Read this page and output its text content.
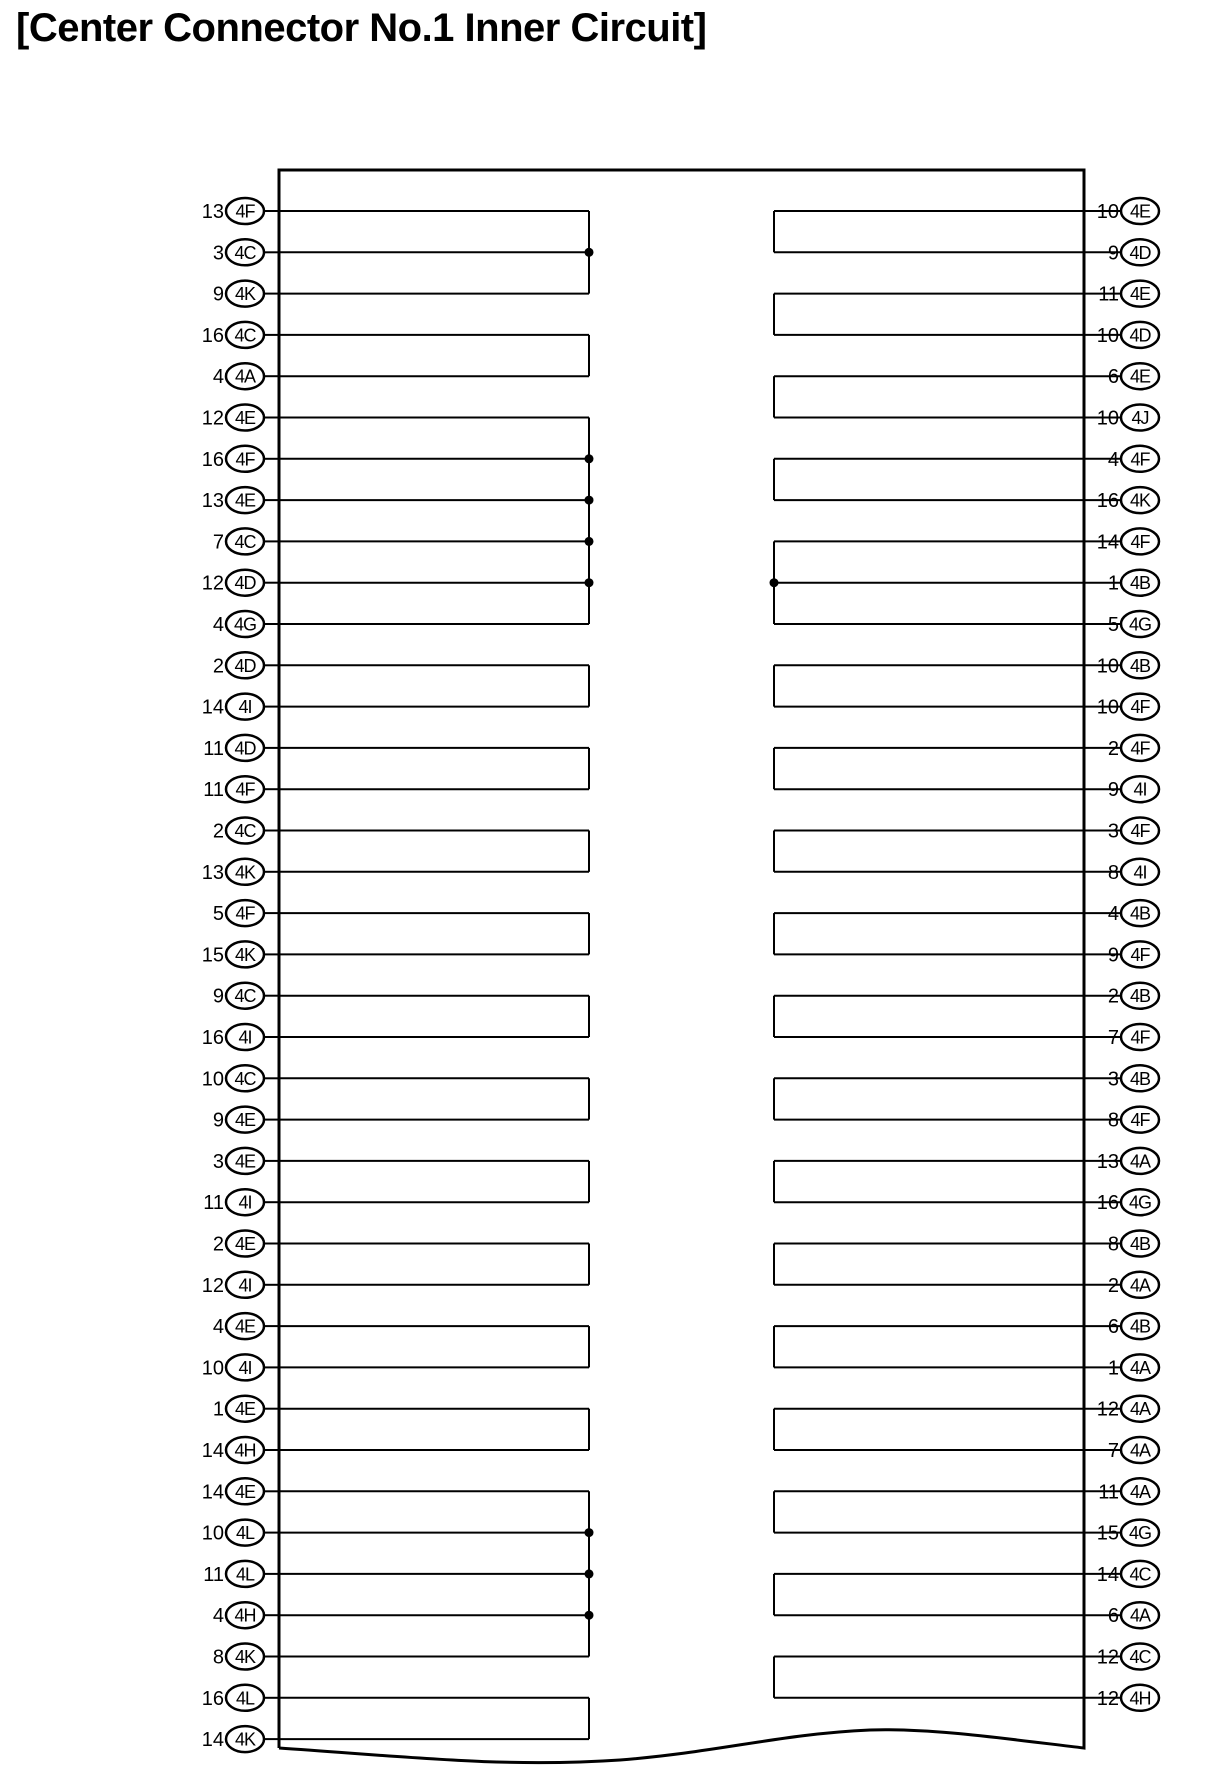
[Center Connector No.1 Inner Circuit]
4F
13
4C
3
4K
9
4C
16
4A
4
4E
12
4F
16
4E
13
4C
7
4D
12
4G
4
4D
2
4I
14
4D
11
4F
11
4C
2
4K
13
4F
5
4K
15
4C
9
4I
16
4C
10
4E
9
4E
3
4I
11
4E
2
4I
12
4E
4
4I
10
4E
1
4H
14
4E
14
4L
10
4L
11
4H
4
4K
8
4L
16
4K
14
4E
10
4D
9
4E
11
4D
10
4E
6
4J
10
4F
4
4K
16
4F
14
4B
1
4G
5
4B
10
4F
10
4F
2
4I
9
4F
3
4I
8
4B
4
4F
9
4B
2
4F
7
4B
3
4F
8
4A
13
4G
16
4B
8
4A
2
4B
6
4A
1
4A
12
4A
7
4A
11
4G
15
4C
14
4A
6
4C
12
4H
12
